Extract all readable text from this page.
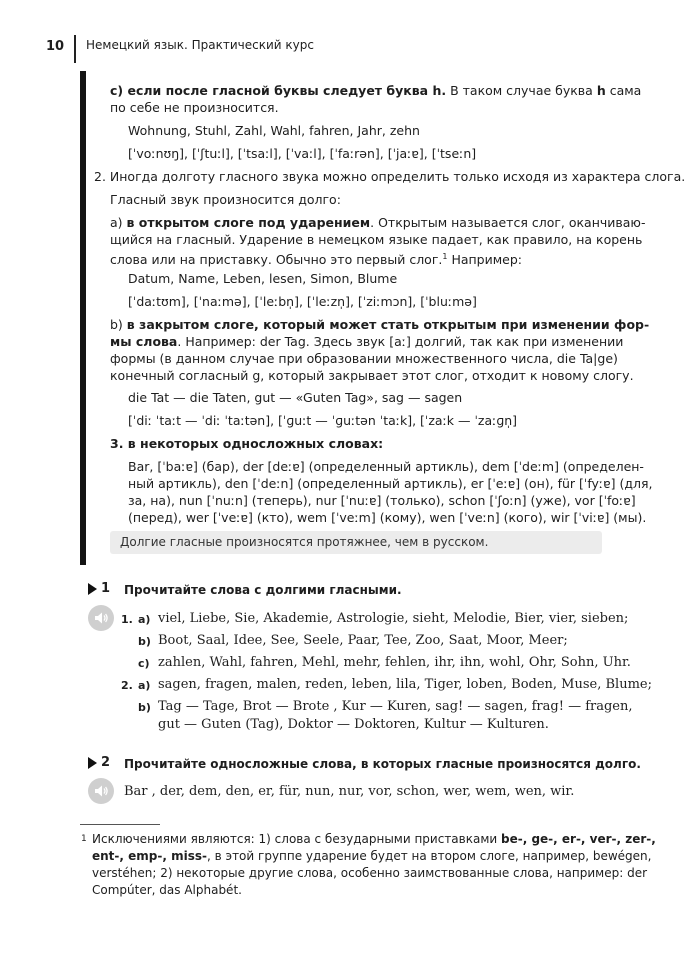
10	Немецкий язык. Практический курс
c) если после гласной буквы следует буква h. В таком случае буква h сама
по себе не произносится.
Wohnung, Stuhl, Zahl, Wahl, fahren, Jahr, zehn
[ˈvoːnʊŋ], [ˈʃtuːl], [ˈtsaːl], [ˈvaːl], [ˈfaːrən], [ˈjaːɐ], [ˈtseːn]
2. Иногда долготу гласного звука можно определить только исходя из характера слога.
Гласный звук произносится долго:
a) в открытом слоге под ударением. Открытым называется слог, оканчиваю-
щийся на гласный. Ударение в немецком языке падает, как правило, на корень
слова или на приставку. Обычно это первый слог.$^1$ Например:
Datum, Name, Leben, lesen, Simon, Blume
[ˈdaːtʊm], [ˈnaːmə], [ˈleːbn̩], [ˈleːzn̩], [ˈziːmɔn], [ˈbluːmə]
b) в закрытом слоге, который может стать открытым при изменении фор-
мы слова. Например: der Tag. Здесь звук [aː] долгий, так как при изменении
формы (в данном случае при образовании множественного числа, die Ta|ge)
конечный согласный g, который закрывает этот слог, отходит к новому слогу.
die Tat — die Taten, gut — «Guten Tag», sag — sagen
[ˈdiː ˈtaːt — ˈdiː ˈtaːtən], [ˈɡuːt — ˈɡuːtən ˈtaːk], [ˈzaːk — ˈzaːɡn̩]
3. в некоторых односложных словах:
Bar, [ˈbaːɐ] (бар), der [deːɐ] (определенный артикль), dem [ˈdeːm] (определен-
ный артикль), den [ˈdeːn] (определенный артикль), er [ˈeːɐ] (он), für [ˈfyːɐ] (для,
за, на), nun [ˈnuːn] (теперь), nur [ˈnuːɐ] (только), schon [ˈʃoːn] (уже), vor [ˈfoːɐ]
(перед), wer [ˈveːɐ] (кто), wem [ˈveːm] (кому), wen [ˈveːn] (кого), wir [ˈviːɐ] (мы).
Долгие гласные произносятся протяжнее, чем в русском.
1 Прочитайте слова с долгими гласными.
1. a) viel, Liebe, Sie, Akademie, Astrologie, sieht, Melodie, Bier, vier, sieben;
b) Boot, Saal, Idee, See, Seele, Paar, Tee, Zoo, Saat, Moor, Meer;
c) zahlen, Wahl, fahren, Mehl, mehr, fehlen, ihr, ihn, wohl, Ohr, Sohn, Uhr.
2. a) sagen, fragen, malen, reden, leben, lila, Tiger, loben, Boden, Muse, Blume;
b) Tag — Tage, Brot — Brote , Kur — Kuren, sag! — sagen, frag! — fragen,
gut — Guten (Tag), Doktor — Doktoren, Kultur — Kulturen.
2 Прочитайте односложные слова, в которых гласные произносятся долго.
Bar , der, dem, den, er, für, nun, nur, vor, schon, wer, wem, wen, wir.
1 Исключениями являются: 1) слова с безударными приставками be-, ge-, er-, ver-, zer-,
ent-, emp-, miss-, в этой группе ударение будет на втором слоге, например, bewégen,
verstéhen; 2) некоторые другие слова, особенно заимствованные слова, например: der
Compúter, das Alphabét.
